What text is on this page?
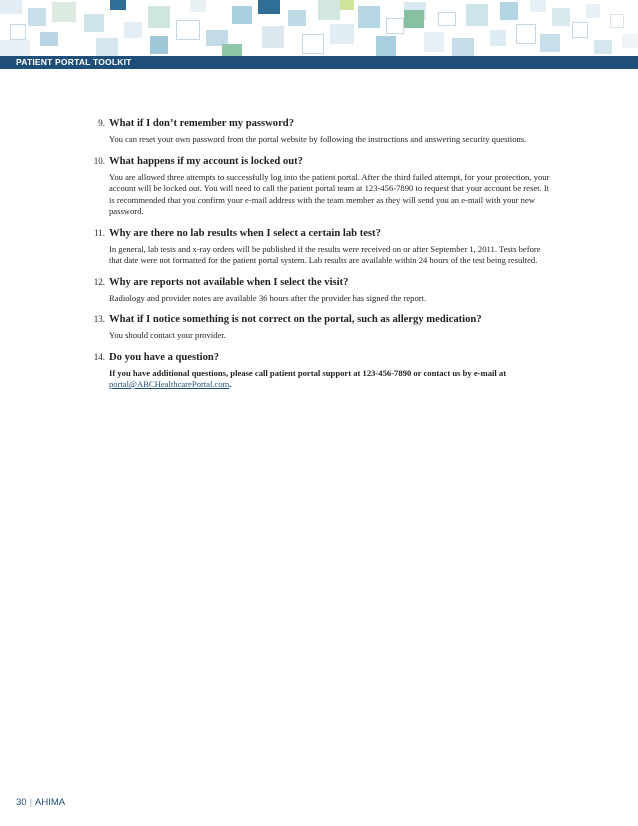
PATIENT PORTAL TOOLKIT
9. What if I don’t remember my password?
You can reset your own password from the portal website by following the instructions and answering security questions.
10. What happens if my account is locked out?
You are allowed three attempts to successfully log into the patient portal. After the third failed attempt, for your protection, your account will be locked out. You will need to call the patient portal team at 123-456-7890 to request that your account be reset. It is recommended that you confirm your e-mail address with the team member as they will send you an e-mail with your new password.
11. Why are there no lab results when I select a certain lab test?
In general, lab tests and x-ray orders will be published if the results were received on or after September 1, 2011. Tests before that date were not formatted for the patient portal system. Lab results are available within 24 hours of the test being resulted.
12. Why are reports not available when I select the visit?
Radiology and provider notes are available 36 hours after the provider has signed the report.
13. What if I notice something is not correct on the portal, such as allergy medication?
You should contact your provider.
14. Do you have a question?
If you have additional questions, please call patient portal support at 123-456-7890 or contact us by e-mail at portal@ABCHealthcarePortal.com.
30 | AHIMA
